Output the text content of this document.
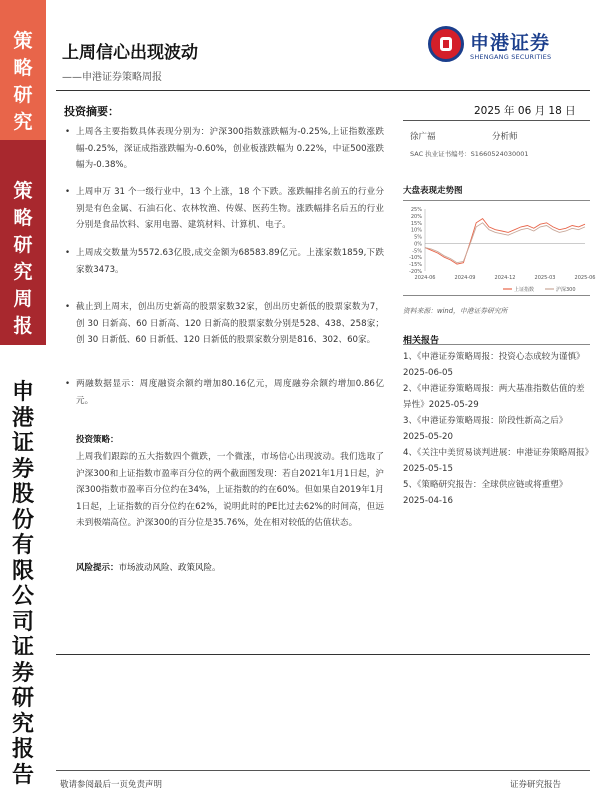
策
略
研
究
策
略
研
究
周
报
申
港
证
券
股
份
有
限
公
司
证
券
研
究
报
告
上周信心出现波动
——申港证券策略周报
申港证券
SHENGANG SECURITIES
投资摘要：
• 上周各主要指数具体表现分别为：沪深300指数涨跌幅为-0.25%,上证指数涨跌幅-0.25%，深证成指涨跌幅为-0.60%，创业板涨跌幅为 0.22%，中证500涨跌幅为-0.38%。
• 上周申万 31 个一级行业中，13 个上涨，18 个下跌。涨跌幅排名前五的行业分别是有色金属、石油石化、农林牧渔、传媒、医药生物。涨跌幅排名后五的行业分别是食品饮料、家用电器、建筑材料、计算机、电子。
• 上周成交数量为5572.63亿股,成交金额为68583.89亿元。上涨家数1859,下跌家数3473。
• 截止到上周末，创出历史新高的股票家数32家，创出历史新低的股票家数为7，创 30 日新高、60 日新高、120 日新高的股票家数分别是528、438、258家；创 30 日新低、60 日新低、120 日新低的股票家数分别是816、302、60家。
• 两融数据显示：周度融资余额约增加80.16亿元，周度融券余额约增加0.86亿元。
投资策略：
上周我们跟踪的五大指数四个微跌，一个微涨，市场信心出现波动。我们选取了沪深300和上证指数市盈率百分位的两个截面图发现：若自2021年1月1日起，沪深300指数市盈率百分位约在34%，上证指数的约在60%。但如果自2019年1月1日起，上证指数的百分位约在62%，说明此时的PE比过去62%的时间高，但远未到极端高位。沪深300的百分位是35.76%，处在相对较低的估值状态。
风险提示：市场波动风险、政策风险。
2025 年 06 月 18 日
徐广福	分析师
SAC 执业证书编号：S1660524030001
大盘表现走势图
25%
20%
15%
10%
5%
0%
-5%
-10%
-15%
-20%
2024-06	2024-09	2024-12	2025-03	2025-06
上证指数	沪深300
资料来源：wind，申港证券研究所
相关报告
1、《申港证券策略周报：投资心态成较为谨慎》2025-06-05
2、《申港证券策略周报：两大基准指数估值的差异性》2025-05-29
3、《申港证券策略周报：阶段性新高之后》2025-05-20
4、《关注中美贸易谈判进展：申港证券策略周报》2025-05-15
5、《策略研究报告：全球供应链或将重塑》2025-04-16
敬请参阅最后一页免责声明	证券研究报告
